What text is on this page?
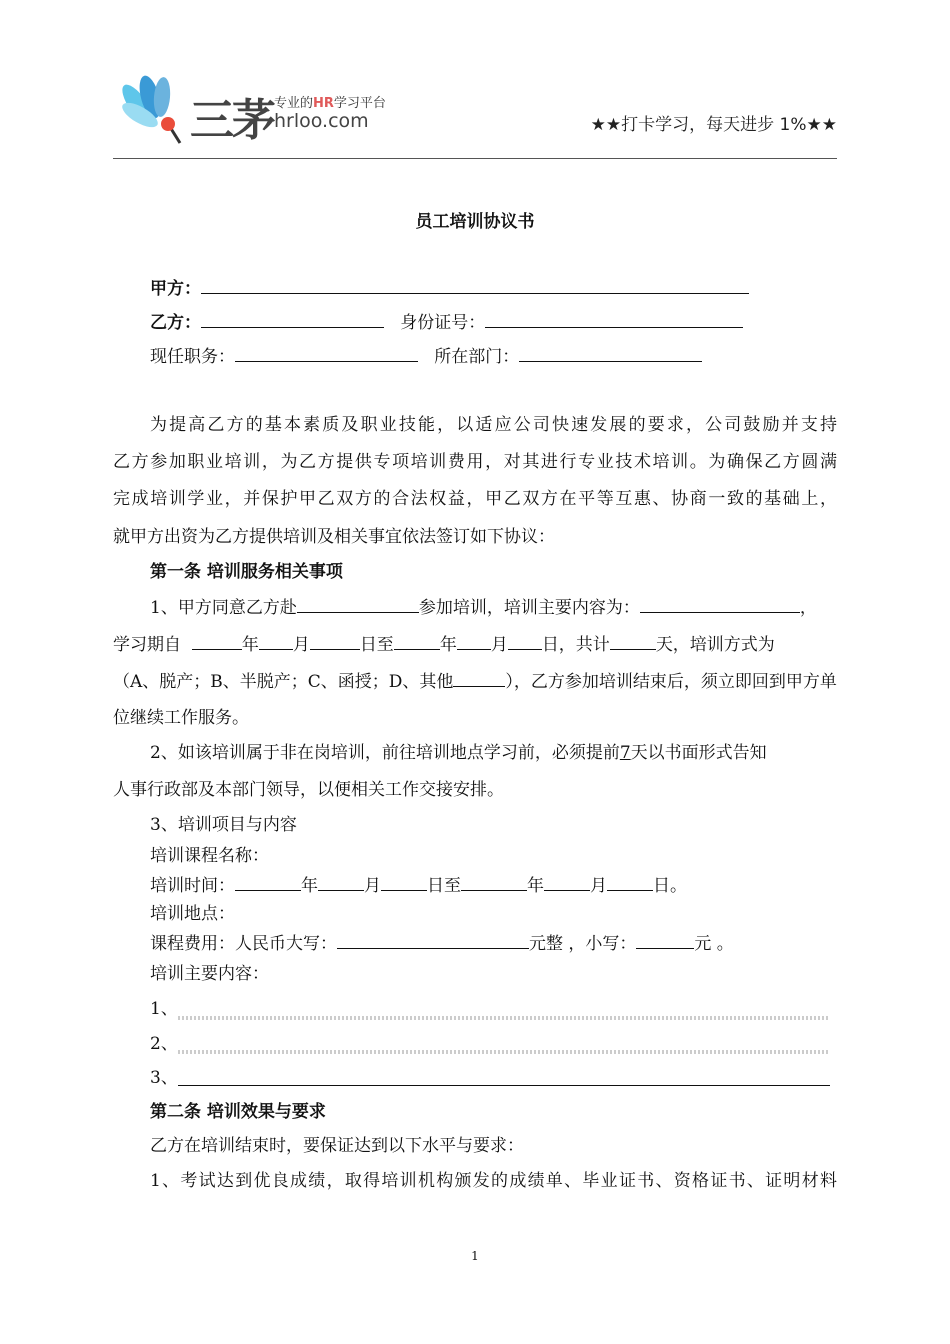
三茅 专业的HR学习平台
hrloo.com	★★打卡学习，每天进步 1%★★
员工培训协议书
甲方：
乙方：	身份证号：
现任职务：	所在部门：
为提高乙方的基本素质及职业技能，以适应公司快速发展的要求，公司鼓励并支持
乙方参加职业培训，为乙方提供专项培训费用，对其进行专业技术培训。为确保乙方圆满
完成培训学业，并保护甲乙双方的合法权益，甲乙双方在平等互惠、协商一致的基础上，
就甲方出资为乙方提供培训及相关事宜依法签订如下协议：
第一条 培训服务相关事项
1、甲方同意乙方赴	参加培训，培训主要内容为：	，
学习期自	年 月	日至	年 月 日，共计	天，培训方式为
（A、脱产；B、半脱产；C、函授；D、其他	），乙方参加培训结束后，须立即回到甲方单
位继续工作服务。
2、如该培训属于非在岗培训，前往培训地点学习前，必须提前7天以书面形式告知
人事行政部及本部门领导，以便相关工作交接安排。
3、培训项目与内容
培训课程名称：
培训时间：	年	月	日至	年	月	日。
培训地点：
课程费用：人民币大写：	元整 ，小写：	元 。
培训主要内容：
1、
2、
3、
第二条 培训效果与要求
乙方在培训结束时，要保证达到以下水平与要求：
1、考试达到优良成绩，取得培训机构颁发的成绩单、毕业证书、资格证书、证明材料
1
